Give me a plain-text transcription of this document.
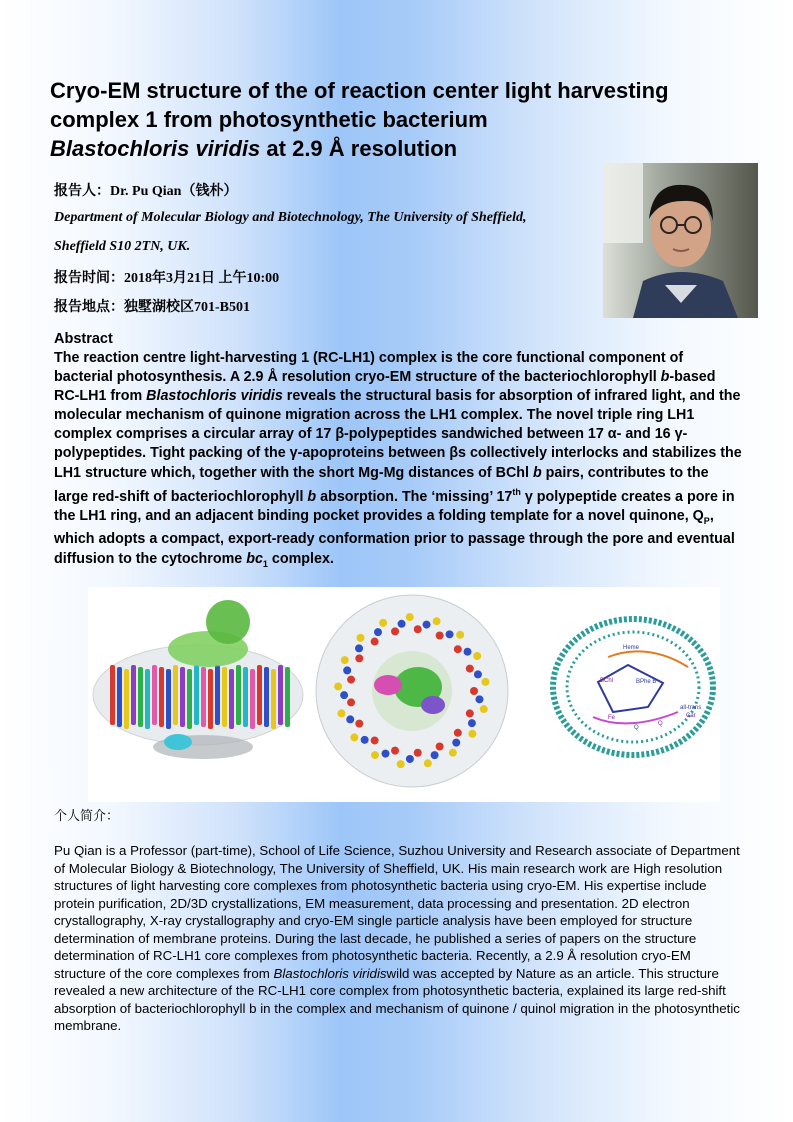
Cryo-EM structure of the of reaction center light harvesting
complex 1 from photosynthetic bacterium
Blastochloris viridis at 2.9 Å resolution
报告人：Dr. Pu Qian（钱朴）
Department of Molecular Biology and Biotechnology, The University of Sheffield,
Sheffield S10 2TN, UK.
报告时间：2018年3月21日 上午10:00
报告地点：独墅湖校区701-B501
Abstract

The reaction centre light-harvesting 1 (RC-LH1) complex is the core functional component of bacterial photosynthesis. A 2.9 Å resolution cryo-EM structure of the bacteriochlorophyll b-based RC-LH1 from Blastochloris viridis reveals the structural basis for absorption of infrared light, and the molecular mechanism of quinone migration across the LH1 complex. The novel triple ring LH1 complex comprises a circular array of 17 β-polypeptides sandwiched between 17 α- and 16 γ-polypeptides. Tight packing of the γ-apoproteins between βs collectively interlocks and stabilizes the LH1 structure which, together with the short Mg-Mg distances of BChl b pairs, contributes to the large red-shift of bacteriochlorophyll b absorption. The ‘missing’ 17th γ polypeptide creates a pore in the LH1 ring, and an adjacent binding pocket provides a folding template for a novel quinone, $Q_P$, which adopts a compact, export-ready conformation prior to passage through the pore and eventual diffusion to the cytochrome $bc_1$ complex.

Heme
BChl	BPhe B
Fe
Q
Q
all-trans
Car
个人简介：

Pu Qian is a Professor (part-time), School of Life Science, Suzhou University and Research associate of Department of Molecular Biology & Biotechnology, The University of Sheffield, UK. His main research work are High resolution structures of light harvesting core complexes from photosynthetic bacteria using cryo-EM. His expertise include protein purification, 2D/3D crystallizations, EM measurement, data processing and presentation. 2D electron crystallography, X-ray crystallography and cryo-EM single particle analysis have been employed for structure determination of membrane proteins. During the last decade, he published a series of papers on the structure determination of RC-LH1 core complexes from photosynthetic bacteria. Recently, a 2.9 Å resolution cryo-EM structure of the core complexes from Blastochloris viridiswild was accepted by Nature as an article. This structure revealed a new architecture of the RC-LH1 core complex from photosynthetic bacteria, explained its large red-shift absorption of bacteriochlorophyll b in the complex and mechanism of quinone / quinol migration in the photosynthetic membrane.
